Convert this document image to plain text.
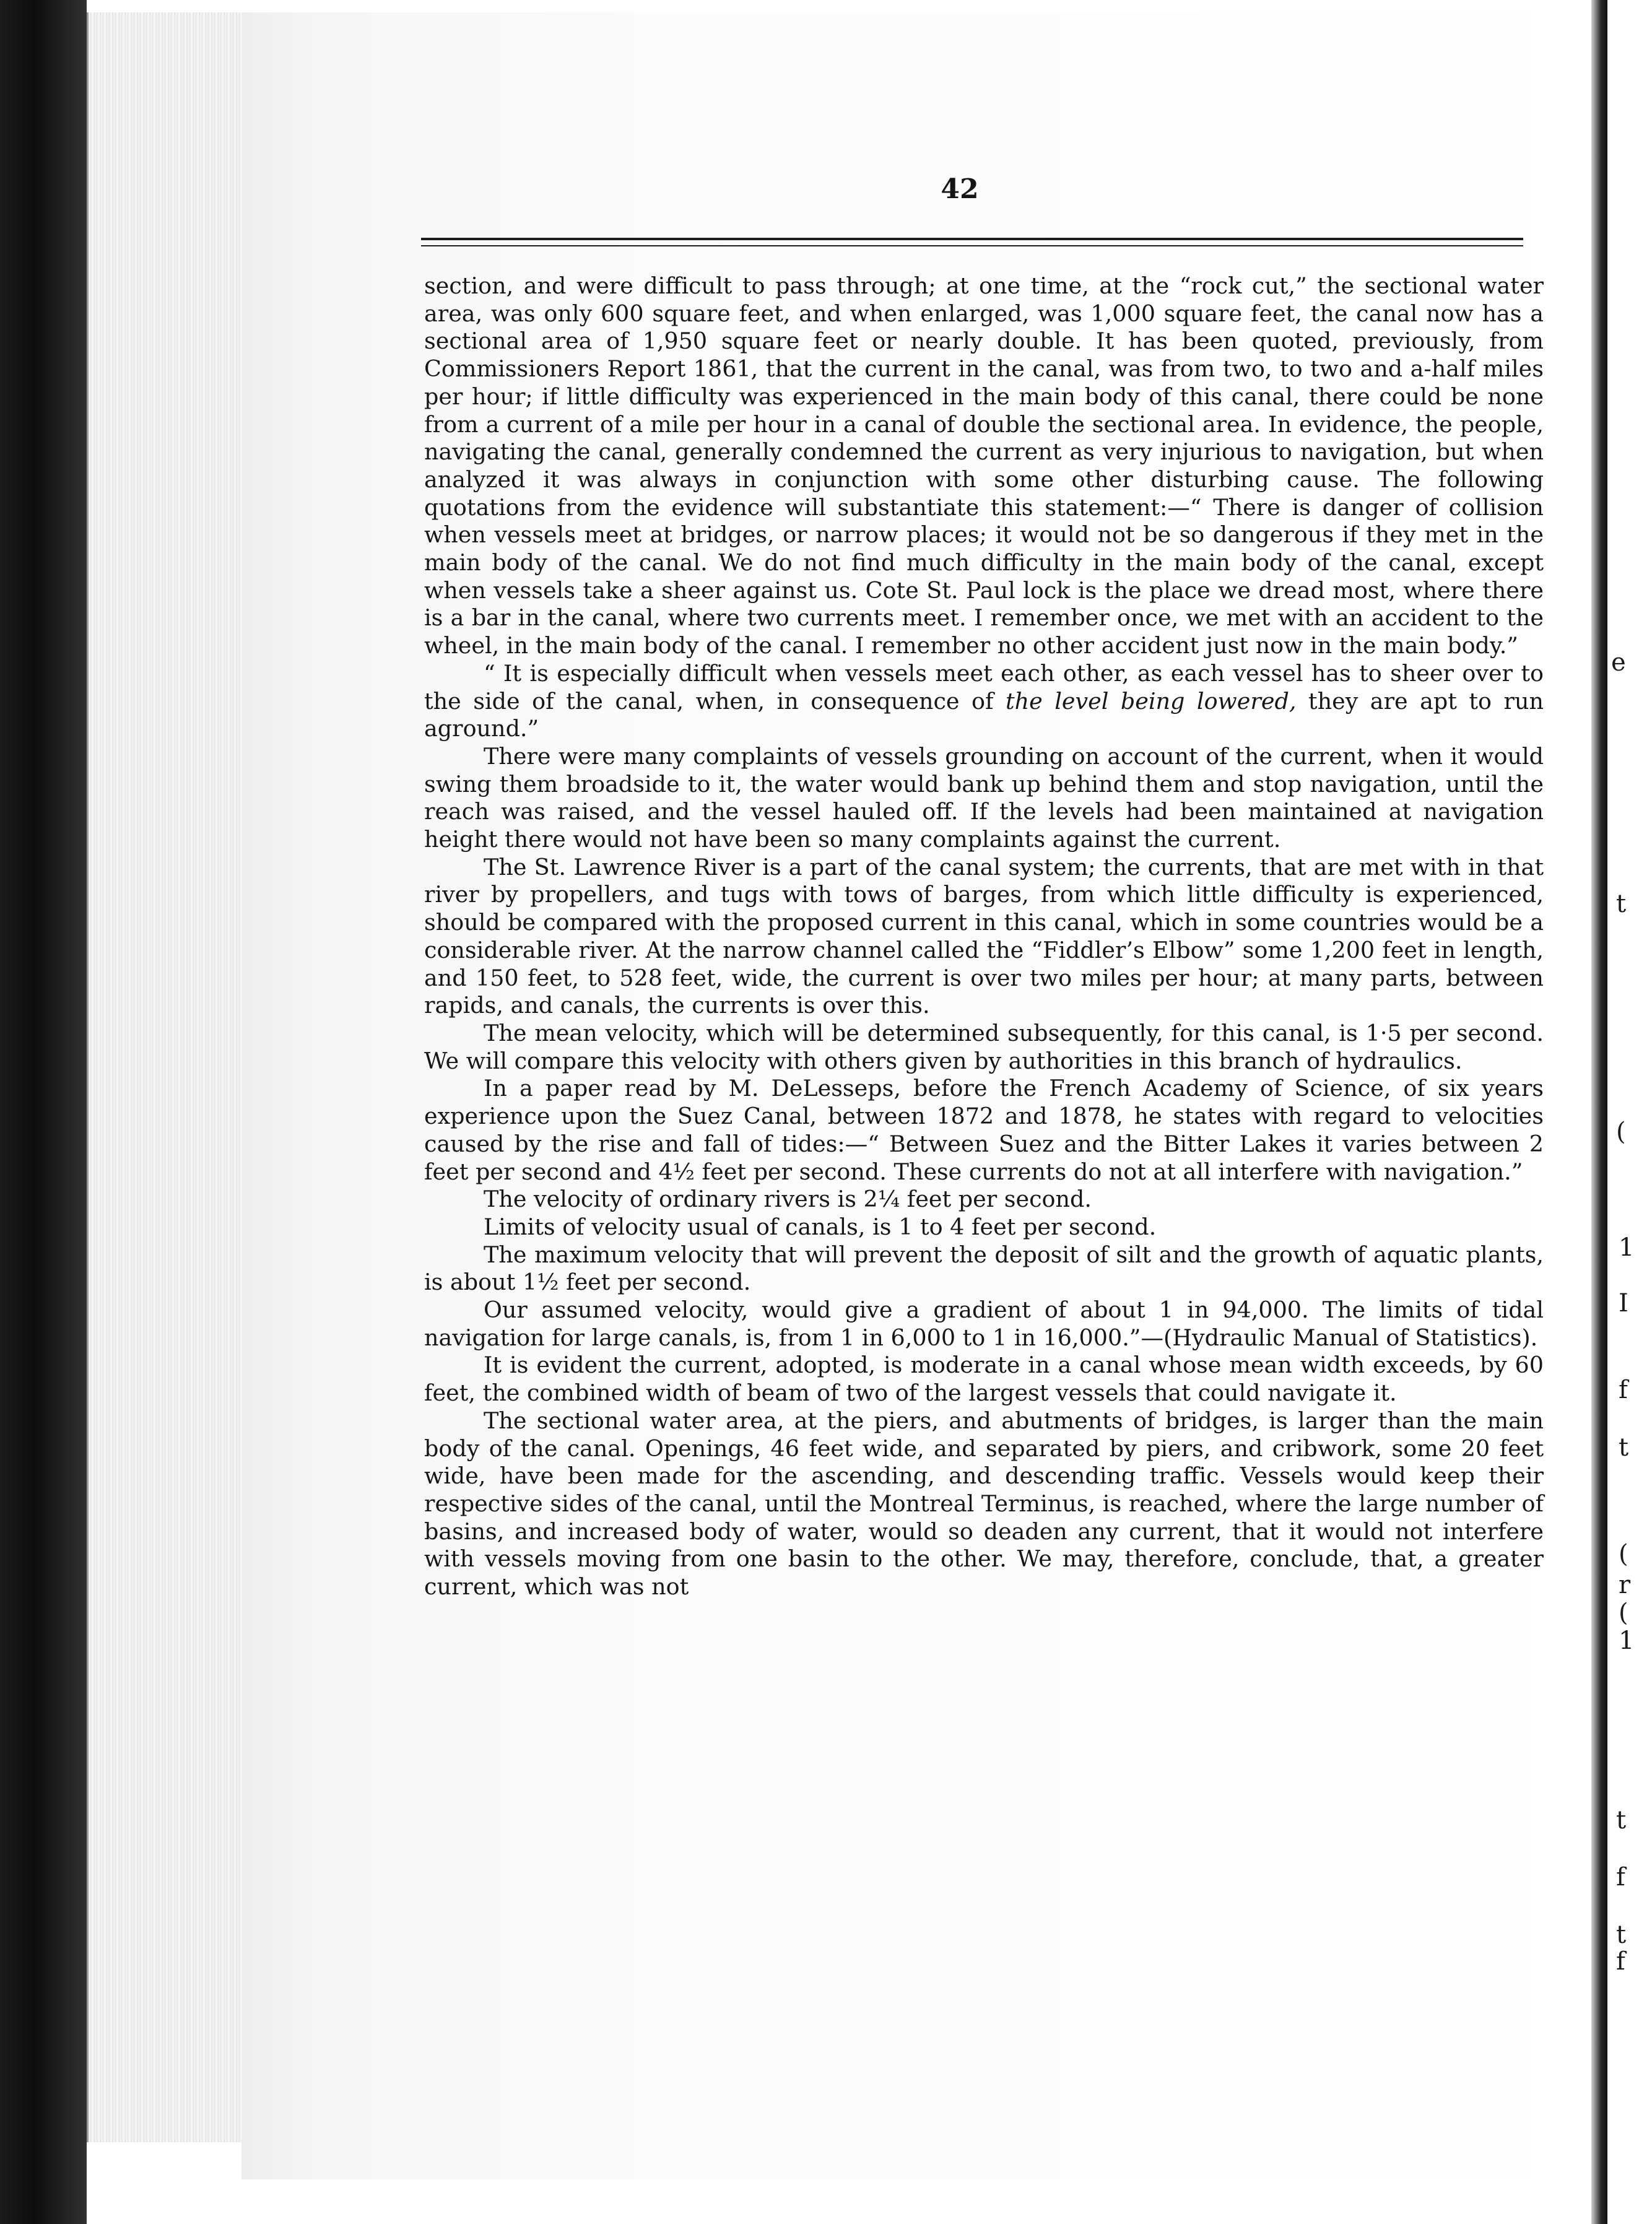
e
t
(
1
I
f
t
(
r
(
1
t
f
t
f
42

section, and were difficult to pass through; at one time, at the “rock cut,” the sectional water area, was only 600 square feet, and when enlarged, was 1,000 square feet, the canal now has a sectional area of 1,950 square feet or nearly double. It has been quoted, previously, from Commissioners Report 1861, that the current in the canal, was from two, to two and a-half miles per hour; if little difficulty was experienced in the main body of this canal, there could be none from a current of a mile per hour in a canal of double the sectional area. In evidence, the people, navigating the canal, generally condemned the current as very injurious to navigation, but when analyzed it was always in conjunction with some other disturbing cause. The following quotations from the evidence will substantiate this statement:—“ There is danger of collision when vessels meet at bridges, or narrow places; it would not be so dangerous if they met in the main body of the canal. We do not find much difficulty in the main body of the canal, except when vessels take a sheer against us. Cote St. Paul lock is the place we dread most, where there is a bar in the canal, where two currents meet. I remember once, we met with an accident to the wheel, in the main body of the canal. I remember no other accident just now in the main body.”

“ It is especially difficult when vessels meet each other, as each vessel has to sheer over to the side of the canal, when, in consequence of the level being lowered, they are apt to run aground.”

There were many complaints of vessels grounding on account of the current, when it would swing them broadside to it, the water would bank up behind them and stop navigation, until the reach was raised, and the vessel hauled off. If the levels had been maintained at navigation height there would not have been so many complaints against the current.

The St. Lawrence River is a part of the canal system; the currents, that are met with in that river by propellers, and tugs with tows of barges, from which little difficulty is experienced, should be compared with the proposed current in this canal, which in some countries would be a considerable river. At the narrow channel called the “Fiddler’s Elbow” some 1,200 feet in length, and 150 feet, to 528 feet, wide, the current is over two miles per hour; at many parts, between rapids, and canals, the currents is over this.

The mean velocity, which will be determined subsequently, for this canal, is 1·5 per second. We will compare this velocity with others given by authorities in this branch of hydraulics.

In a paper read by M. DeLesseps, before the French Academy of Science, of six years experience upon the Suez Canal, between 1872 and 1878, he states with regard to velocities caused by the rise and fall of tides:—“ Between Suez and the Bitter Lakes it varies between 2 feet per second and 4½ feet per second. These currents do not at all interfere with navigation.”

The velocity of ordinary rivers is 2¼ feet per second.

Limits of velocity usual of canals, is 1 to 4 feet per second.

The maximum velocity that will prevent the deposit of silt and the growth of aquatic plants, is about 1½ feet per second.

Our assumed velocity, would give a gradient of about 1 in 94,000. The limits of tidal navigation for large canals, is, from 1 in 6,000 to 1 in 16,000.”—(Hydraulic Manual of Statistics).

It is evident the current, adopted, is moderate in a canal whose mean width exceeds, by 60 feet, the combined width of beam of two of the largest vessels that could navigate it.

The sectional water area, at the piers, and abutments of bridges, is larger than the main body of the canal. Openings, 46 feet wide, and separated by piers, and cribwork, some 20 feet wide, have been made for the ascending, and descending traffic. Vessels would keep their respective sides of the canal, until the Montreal Terminus, is reached, where the large number of basins, and increased body of water, would so deaden any current, that it would not interfere with vessels moving from one basin to the other. We may, therefore, conclude, that, a greater current, which was not
